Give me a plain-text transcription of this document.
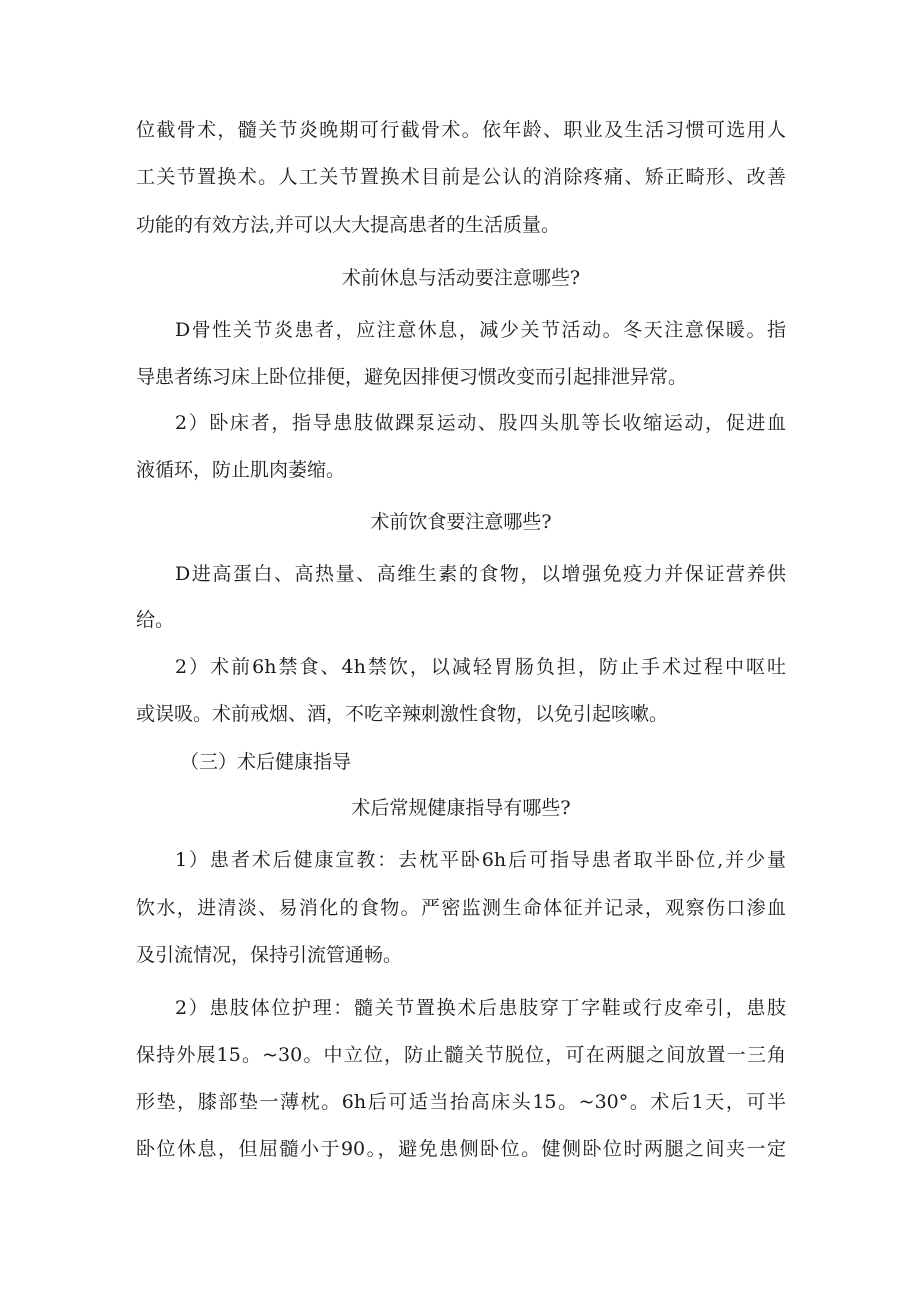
位截骨术，髓关节炎晚期可行截骨术。依年龄、职业及生活习惯可选用人
工关节置换术。人工关节置换术目前是公认的消除疼痛、矫正畸形、改善
功能的有效方法,并可以大大提高患者的生活质量。
术前休息与活动要注意哪些?
D骨性关节炎患者，应注意休息，减少关节活动。冬天注意保暖。指
导患者练习床上卧位排便，避免因排便习惯改变而引起排泄异常。
2）卧床者，指导患肢做踝泵运动、股四头肌等长收缩运动，促进血
液循环，防止肌肉萎缩。
术前饮食要注意哪些?
D进高蛋白、高热量、高维生素的食物，以增强免疫力并保证营养供
给。
2）术前6h禁食、4h禁饮，以减轻胃肠负担，防止手术过程中呕吐
或误吸。术前戒烟、酒，不吃辛辣刺激性食物，以免引起咳嗽。
（三）术后健康指导
术后常规健康指导有哪些?
1）患者术后健康宣教：去枕平卧6h后可指导患者取半卧位,并少量
饮水，进清淡、易消化的食物。严密监测生命体征并记录，观察伤口渗血
及引流情况，保持引流管通畅。
2）患肢体位护理：髓关节置换术后患肢穿丁字鞋或行皮牵引，患肢
保持外展15。~30。中立位，防止髓关节脱位，可在两腿之间放置一三角
形垫，膝部垫一薄枕。6h后可适当抬高床头15。~30°。术后1天，可半
卧位休息，但屈髓小于90。，避免患侧卧位。健侧卧位时两腿之间夹一定
